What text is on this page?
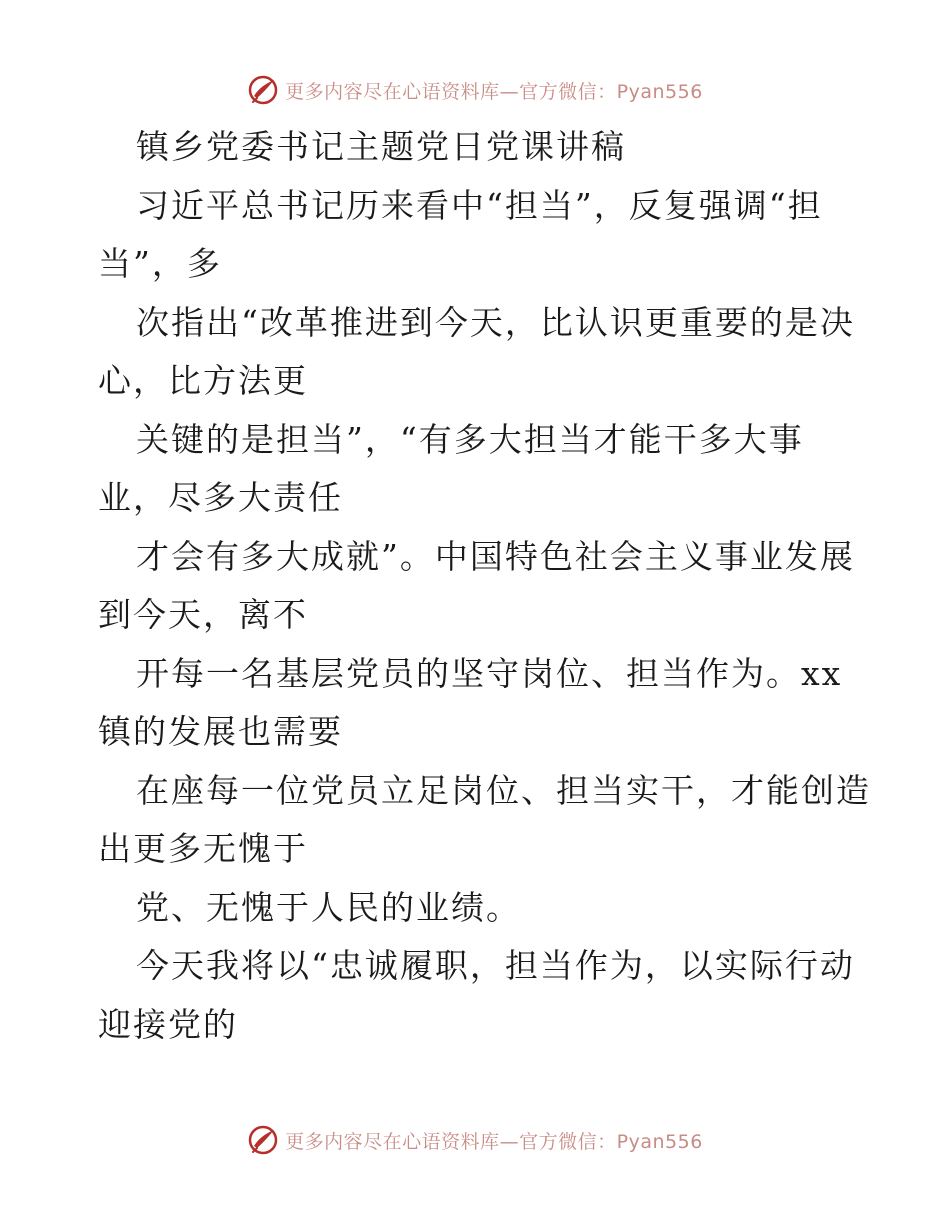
更多内容尽在心语资料库—官方微信：Pyan556
镇乡党委书记主题党日党课讲稿
习近平总书记历来看中“担当”，反复强调“担
当”，多
次指出“改革推进到今天，比认识更重要的是决
心，比方法更
关键的是担当”，“有多大担当才能干多大事
业，尽多大责任
才会有多大成就”。中国特色社会主义事业发展
到今天，离不
开每一名基层党员的坚守岗位、担当作为。xx
镇的发展也需要
在座每一位党员立足岗位、担当实干，才能创造
出更多无愧于
党、无愧于人民的业绩。
今天我将以“忠诚履职，担当作为，以实际行动
迎接党的
更多内容尽在心语资料库—官方微信：Pyan556
